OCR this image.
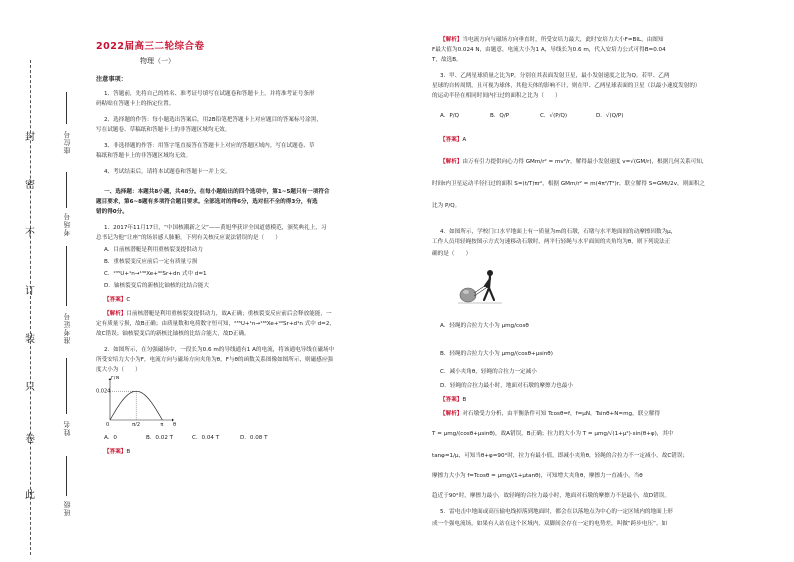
封
密
不
订
装
只
卷
此
座位号
考场号
准考证号
姓名
班级
2022届高三二轮综合卷
物理（一）
注意事项：
1、答题前，先将自己的姓名、准考证号填写在试题卷和答题卡上，并将准考证号条形
码粘贴在答题卡上的指定位置。
2、选择题的作答：每小题选出答案后，用2B铅笔把答题卡上对应题目的答案标号涂黑，
写在试题卷、草稿纸和答题卡上的非答题区域均无效。
3、非选择题的作答：用签字笔直接答在答题卡上对应的答题区域内。写在试题卷、草
稿纸和答题卡上的非答题区域均无效。
4、考试结束后，请将本试题卷和答题卡一并上交。
一、选择题：本题共8小题，共48分。在每小题给出的四个选项中，第1~5题只有一项符合
题目要求，第6~8题有多项符合题目要求。全部选对的得6分，选对但不全的得3分，有选
错的得0分。
1．2017年11月17日，“中国核潮新之父”——黄旭华获评全国道德模范，颁奖典礼上，习
总书记为他“让座”的场景感人肺腑。下列有关核反应说法错误的是（　　）
A．目前核潜艇是利用重核裂变提供动力
B．重核裂变反应前后一定有质量亏损
C．²³⁵U+¹n→¹³⁶Xe+⁹⁰Sr+dn 式中 d=1
D．铀核裂变后的新核比铀核的比结合能大
【答案】C
【解析】目前核潜艇是利用重核裂变提供动力，故A正确；重核裂变反应前后会释放能能，一
定有质量亏损，故B正确；由质量数和电荷数守恒可知，²³⁵U+¹n→¹³⁶Xe+⁹⁰Sr+d¹n 式中 d=2，
故C错误；铀核裂变后的新核比铀核的比结合能大，故D正确。
2．如图所示，在匀强磁场中，一段长为0.6 m的导线通有1 A的电流，将该通电导线在磁场中
所受安培力大小为F，电流方向与磁场方向夹角为θ，F与θ的函数关系图像如图所示，则磁感应强
度大小为（　　）
F/N
θ
0.024
0	π/2	π
A．0	B．0.02 T	C．0.04 T	D．0.08 T
【答案】B
【解析】当电流方向与磁场方向垂直时，所受安培力最大，此时安培力大小F=BIL，由图知
F最大值为0.024 N，由题意，电流大小为1 A，导线长为0.6 m，代入安培力公式可得B=0.04
T，故选B。
3．甲、乙两星球质量之比为P，分别在其表面发射卫星，最小发射速度之比为Q。若甲、乙两
星球的自转周期，且可视为球体，其他天体的影响不计，则在甲、乙两星球表面的卫星（以最小速度发射的）
的运动半径在相同时间内扫过的面积之比为（　　）
A．P/Q	B．Q/P	C．√(P/Q)	D．√(Q/P)
【答案】A
【解析】由万有引力提供向心力得 GMm/r² = mv²/r，解得最小发射速度 v=√(GM/r)，根据几何关系可知，
时间t内卫星运动半径扫过的面积 S=(t/T)πr²，根据 GMm/r² = m(4π²/T²)r，联立解得 S=GMt/2v，则面积之
比为 P/Q。
4．如图所示，学校门口水平地面上有一质量为m的石墩，石墩与水平地面间的动摩擦因数为μ，
工作人员用轻绳按图示方式匀速移动石墩时，两平行轻绳与水平面间的夹角均为θ，则下列说法正
确的是（　　）
A．轻绳的合拉力大小为 μmg/cosθ
B．轻绳的合拉力大小为 μmg/(cosθ+μsinθ)
C．减小夹角θ，轻绳的合拉力一定减小
D．轻绳的合拉力最小时，地面对石墩的摩擦力也最小
【答案】B
【解析】对石墩受力分析，由平衡条件可知 Tcosθ=f，f=μN，Tsinθ+N=mg，联立解得
T = μmg/(cosθ+μsinθ)，故A错误，B正确；拉力的大小为 T = μmg/√(1+μ²)·sin(θ+φ)，其中
tanφ=1/μ，可知当θ+φ=90°时，拉力有最小值，即减小夹角θ，轻绳的合拉力不一定减小，故C错误；
摩擦力大小为 f=Tcosθ = μmg/(1+μtanθ)，可知增大夹角θ，摩擦力一直减小，当θ
趋近于90°时，摩擦力最小，故轻绳的合拉力最小时，地面对石墩的摩擦力不是最小，故D错误。
5．雷电击中地面或高压输电线掉落到地面时，都会在以落地点为中心的一定区域内的地面上形
成一个强电流场，如果有人站在这个区域内，双脚间会存在一定的电势差，叫做“跨步电压”。如
